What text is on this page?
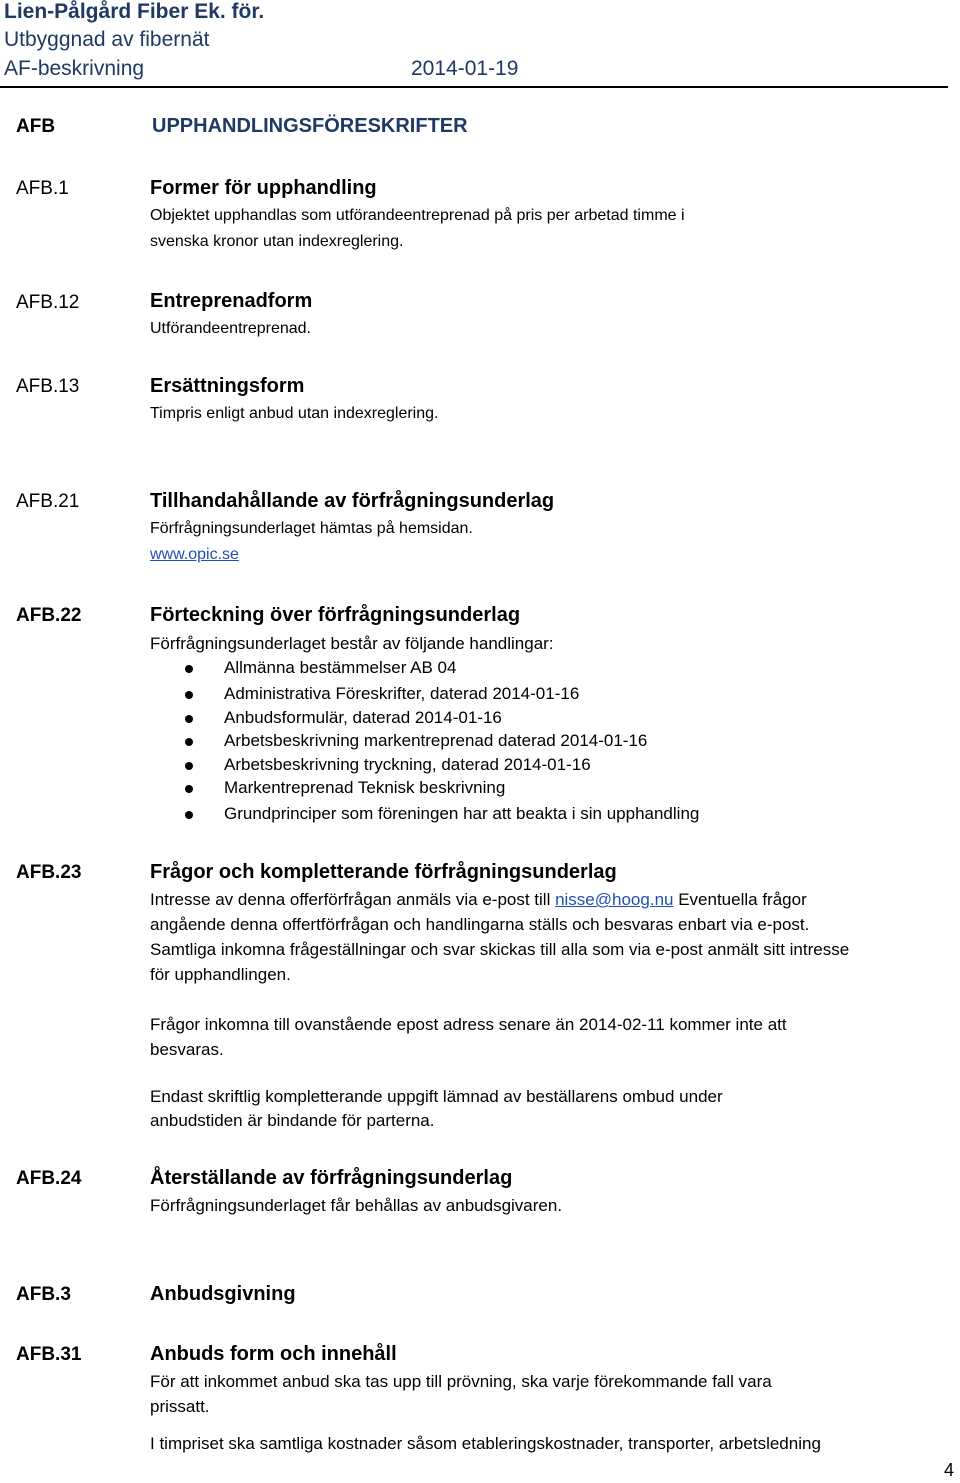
Lien-Pålgård Fiber Ek. för.
Utbyggnad av fibernät
AF-beskrivning	2014-01-19
AFB	UPPHANDLINGSFÖRESKRIFTER
AFB.1	Former för upphandling
Objektet upphandlas som utförandeentreprenad på pris per arbetad timme i
svenska kronor utan indexreglering.
AFB.12	Entreprenadform
Utförandeentreprenad.
AFB.13	Ersättningsform
Timpris enligt anbud utan indexreglering.
AFB.21	Tillhandahållande av förfrågningsunderlag
Förfrågningsunderlaget hämtas på hemsidan.
www.opic.se
AFB.22	Förteckning över förfrågningsunderlag
Förfrågningsunderlaget består av följande handlingar:
Allmänna bestämmelser AB 04
Administrativa Föreskrifter, daterad 2014-01-16
Anbudsformulär, daterad 2014-01-16
Arbetsbeskrivning markentreprenad daterad 2014-01-16
Arbetsbeskrivning tryckning, daterad 2014-01-16
Markentreprenad Teknisk beskrivning
Grundprinciper som föreningen har att beakta i sin upphandling
AFB.23	Frågor och kompletterande förfrågningsunderlag
Intresse av denna offerförfrågan anmäls via e-post till nisse@hoog.nu Eventuella frågor
angående denna offertförfrågan och handlingarna ställs och besvaras enbart via e-post.
Samtliga inkomna frågeställningar och svar skickas till alla som via e-post anmält sitt intresse
för upphandlingen.
Frågor inkomna till ovanstående epost adress senare än 2014-02-11 kommer inte att
besvaras.
Endast skriftlig kompletterande uppgift lämnad av beställarens ombud under
anbudstiden är bindande för parterna.
AFB.24	Återställande av förfrågningsunderlag
Förfrågningsunderlaget får behållas av anbudsgivaren.
AFB.3	Anbudsgivning
AFB.31	Anbuds form och innehåll
För att inkommet anbud ska tas upp till prövning, ska varje förekommande fall vara
prissatt.
I timpriset ska samtliga kostnader såsom etableringskostnader, transporter, arbetsledning
4
